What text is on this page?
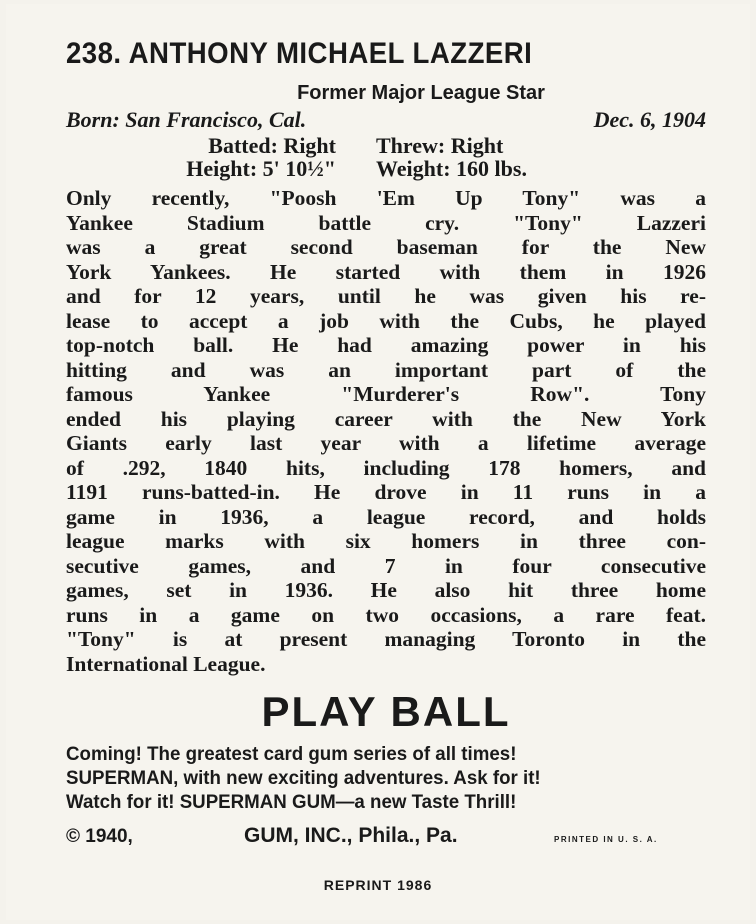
238. ANTHONY MICHAEL LAZZERI
Former Major League Star
Born: San Francisco, Cal.	Dec. 6, 1904
Batted: Right	Threw: Right
Height: 5' 10½"	Weight: 160 lbs.
Only recently, "Poosh 'Em Up Tony" was a
Yankee Stadium battle cry. "Tony" Lazzeri
was a great second baseman for the New
York Yankees. He started with them in 1926
and for 12 years, until he was given his re-
lease to accept a job with the Cubs, he played
top-notch ball. He had amazing power in his
hitting and was an important part of the
famous Yankee "Murderer's Row". Tony
ended his playing career with the New York
Giants early last year with a lifetime average
of .292, 1840 hits, including 178 homers, and
1191 runs-batted-in. He drove in 11 runs in a
game in 1936, a league record, and holds
league marks with six homers in three con-
secutive games, and 7 in four consecutive
games, set in 1936. He also hit three home
runs in a game on two occasions, a rare feat.
"Tony" is at present managing Toronto in the
International League.
PLAY BALL
Coming! The greatest card gum series of all times!
SUPERMAN, with new exciting adventures. Ask for it!
Watch for it! SUPERMAN GUM—a new Taste Thrill!
© 1940,	GUM, INC., Phila., Pa.	PRINTED IN U. S. A.
REPRINT 1986
